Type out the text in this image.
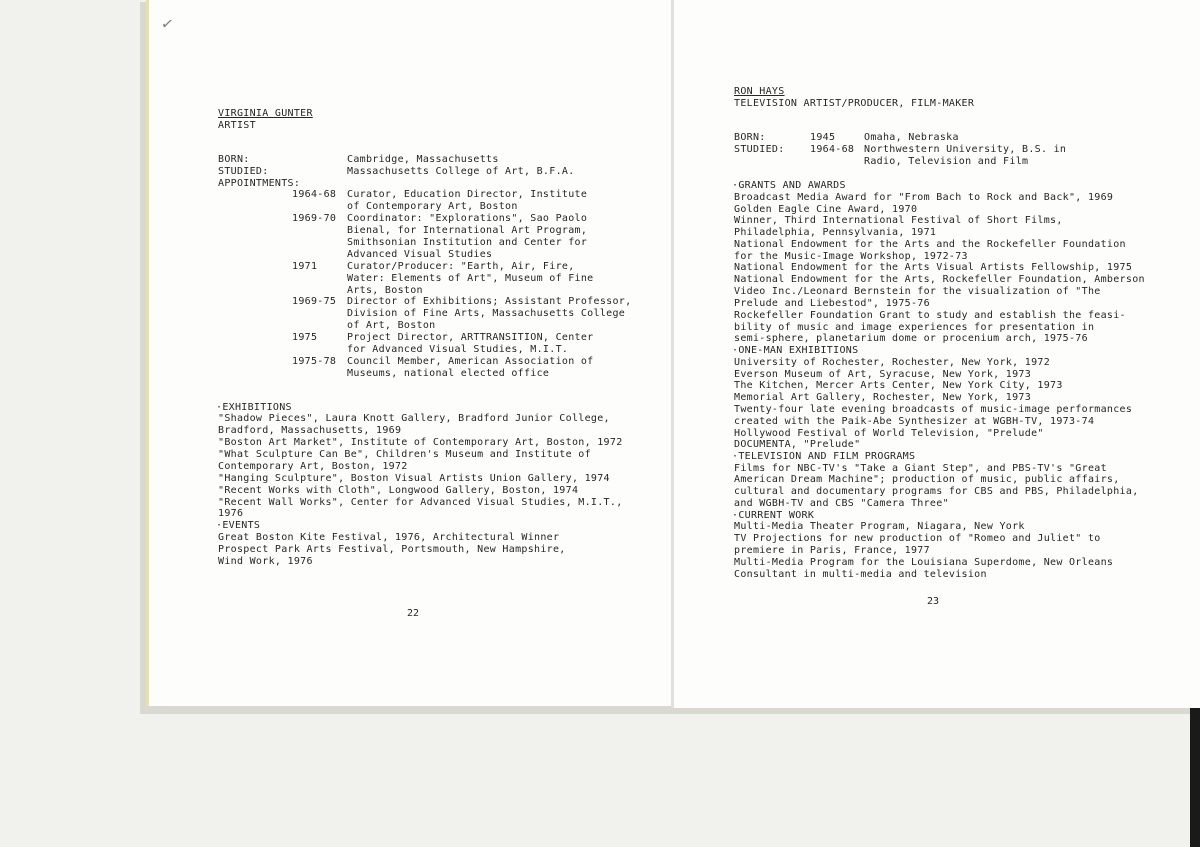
✓
VIRGINIA GUNTER
ARTIST
BORN:	Cambridge, Massachusetts
STUDIED:	Massachusetts College of Art, B.F.A.
APPOINTMENTS:
1964-68 Curator, Education Director, Institute
of Contemporary Art, Boston
1969-70 Coordinator: "Explorations", Sao Paolo
Bienal, for International Art Program,
Smithsonian Institution and Center for
Advanced Visual Studies
1971	Curator/Producer: "Earth, Air, Fire,
Water: Elements of Art", Museum of Fine
Arts, Boston
1969-75 Director of Exhibitions; Assistant Professor,
Division of Fine Arts, Massachusetts College
of Art, Boston
1975	Project Director, ARTTRANSITION, Center
for Advanced Visual Studies, M.I.T.
1975-78 Council Member, American Association of
Museums, national elected office
·EXHIBITIONS
"Shadow Pieces", Laura Knott Gallery, Bradford Junior College,
Bradford, Massachusetts, 1969
"Boston Art Market", Institute of Contemporary Art, Boston, 1972
"What Sculpture Can Be", Children's Museum and Institute of
Contemporary Art, Boston, 1972
"Hanging Sculpture", Boston Visual Artists Union Gallery, 1974
"Recent Works with Cloth", Longwood Gallery, Boston, 1974
"Recent Wall Works", Center for Advanced Visual Studies, M.I.T.,
1976
·EVENTS
Great Boston Kite Festival, 1976, Architectural Winner
Prospect Park Arts Festival, Portsmouth, New Hampshire,
Wind Work, 1976
22
RON HAYS
TELEVISION ARTIST/PRODUCER, FILM-MAKER
BORN:	1945	Omaha, Nebraska
STUDIED:	1964-68 Northwestern University, B.S. in
Radio, Television and Film
·GRANTS AND AWARDS
Broadcast Media Award for "From Bach to Rock and Back", 1969
Golden Eagle Cine Award, 1970
Winner, Third International Festival of Short Films,
Philadelphia, Pennsylvania, 1971
National Endowment for the Arts and the Rockefeller Foundation
for the Music-Image Workshop, 1972-73
National Endowment for the Arts Visual Artists Fellowship, 1975
National Endowment for the Arts, Rockefeller Foundation, Amberson
Video Inc./Leonard Bernstein for the visualization of "The
Prelude and Liebestod", 1975-76
Rockefeller Foundation Grant to study and establish the feasi-
bility of music and image experiences for presentation in
semi-sphere, planetarium dome or procenium arch, 1975-76
·ONE-MAN EXHIBITIONS
University of Rochester, Rochester, New York, 1972
Everson Museum of Art, Syracuse, New York, 1973
The Kitchen, Mercer Arts Center, New York City, 1973
Memorial Art Gallery, Rochester, New York, 1973
Twenty-four late evening broadcasts of music-image performances
created with the Paik-Abe Synthesizer at WGBH-TV, 1973-74
Hollywood Festival of World Television, "Prelude"
DOCUMENTA, "Prelude"
·TELEVISION AND FILM PROGRAMS
Films for NBC-TV's "Take a Giant Step", and PBS-TV's "Great
American Dream Machine"; production of music, public affairs,
cultural and documentary programs for CBS and PBS, Philadelphia,
and WGBH-TV and CBS "Camera Three"
·CURRENT WORK
Multi-Media Theater Program, Niagara, New York
TV Projections for new production of "Romeo and Juliet" to
premiere in Paris, France, 1977
Multi-Media Program for the Louisiana Superdome, New Orleans
Consultant in multi-media and television
23
